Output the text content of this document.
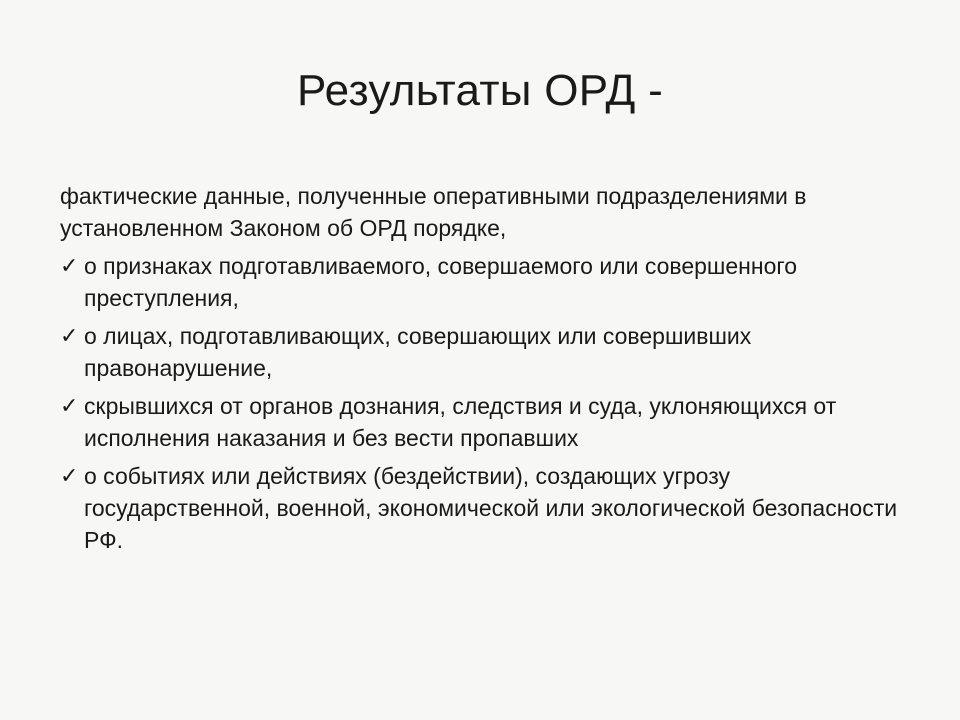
Результаты ОРД -

фактические данные, полученные оперативными подразделениями в установленном Законом об ОРД порядке,

✓ о признаках подготавливаемого, совершаемого или совершенного преступления,
✓ о лицах, подготавливающих, совершающих или совершивших правонарушение,
✓ скрывшихся от органов дознания, следствия и суда, уклоняющихся от исполнения наказания и без вести пропавших
✓ о событиях или действиях (бездействии), создающих угрозу государственной, военной, экономической или экологической безопасности РФ.
